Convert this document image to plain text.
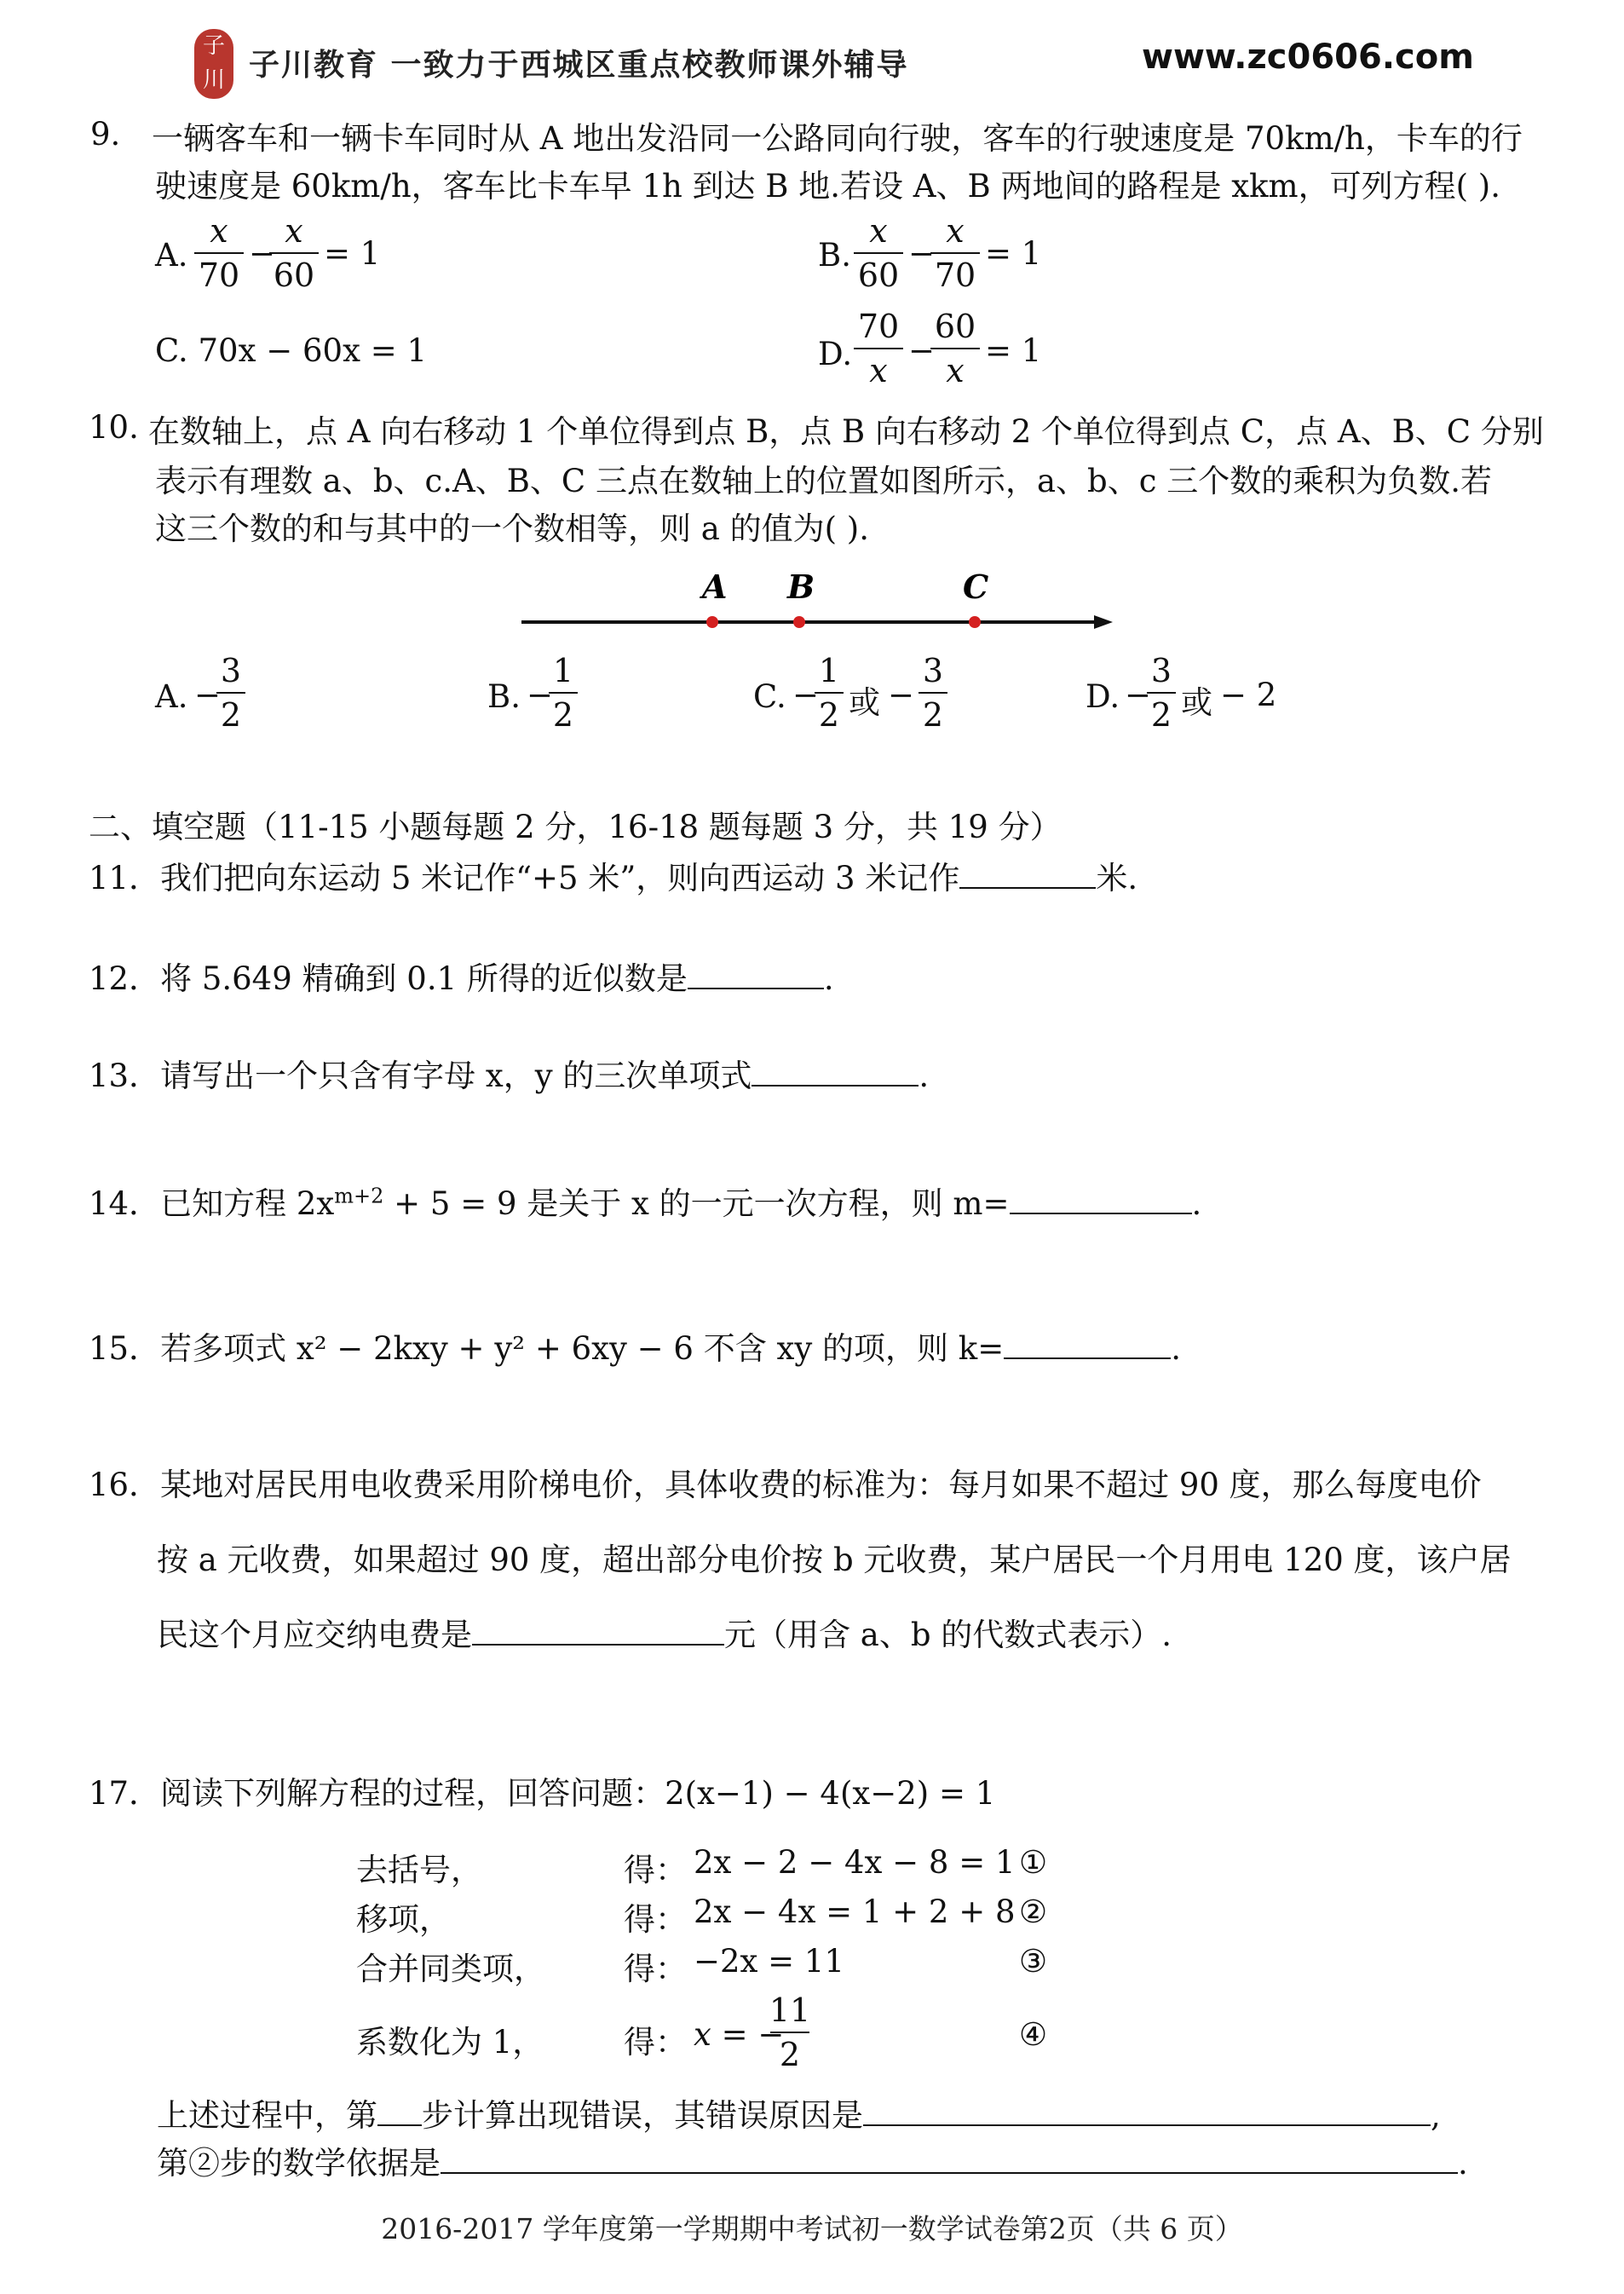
子川 子川教育 一致力于西城区重点校教师课外辅导	www.zc0606.com
9. 一辆客车和一辆卡车同时从 A 地出发沿同一公路同向行驶，客车的行驶速度是 70km/h，卡车的行
驶速度是 60km/h，客车比卡车早 1h 到达 B 地.若设 A、B 两地间的路程是 xkm，可列方程( ).
A.
x
70
−
x
60
= 1	B.
x
60
−
x
70
= 1
C. 70x − 60x = 1	D.
70
x
−
60
x
= 1
10. 在数轴上，点 A 向右移动 1 个单位得到点 B，点 B 向右移动 2 个单位得到点 C，点 A、B、C 分别
表示有理数 a、b、c.A、B、C 三点在数轴上的位置如图所示，a、b、c 三个数的乘积为负数.若
这三个数的和与其中的一个数相等，则 a 的值为( ).
A B	C
A. −
3
2	B. −
1
2	C. −
1
2 或 −
3
2	D. −
3
2 或 − 2
二、填空题（11-15 小题每题 2 分，16-18 题每题 3 分，共 19 分）
11．我们把向东运动 5 米记作“+5 米”，则向西运动 3 米记作	米.
12．将 5.649 精确到 0.1 所得的近似数是	.
13．请写出一个只含有字母 x，y 的三次单项式	.
14．已知方程 $2x^{m+2} + 5 = 9$ 是关于 x 的一元一次方程，则 m=	.
15．若多项式 x² − 2kxy + y² + 6xy − 6 不含 xy 的项，则 k=	.
16．某地对居民用电收费采用阶梯电价，具体收费的标准为：每月如果不超过 90 度，那么每度电价
按 a 元收费，如果超过 90 度，超出部分电价按 b 元收费，某户居民一个月用电 120 度，该户居
民这个月应交纳电费是	元（用含 a、b 的代数式表示）.
17．阅读下列解方程的过程，回答问题：2(x−1) − 4(x−2) = 1
去括号，	得： 2x − 2 − 4x − 8 = 1 ①
移项，	得： 2x − 4x = 1 + 2 + 8 ②
合并同类项， 得： −2x = 11	③
系数化为 1，	得： x = −
11
2
④
上述过程中，第 步计算出现错误，其错误原因是	,
第②步的数学依据是	.
2016-2017 学年度第一学期期中考试初一数学试卷第2页（共 6 页）
